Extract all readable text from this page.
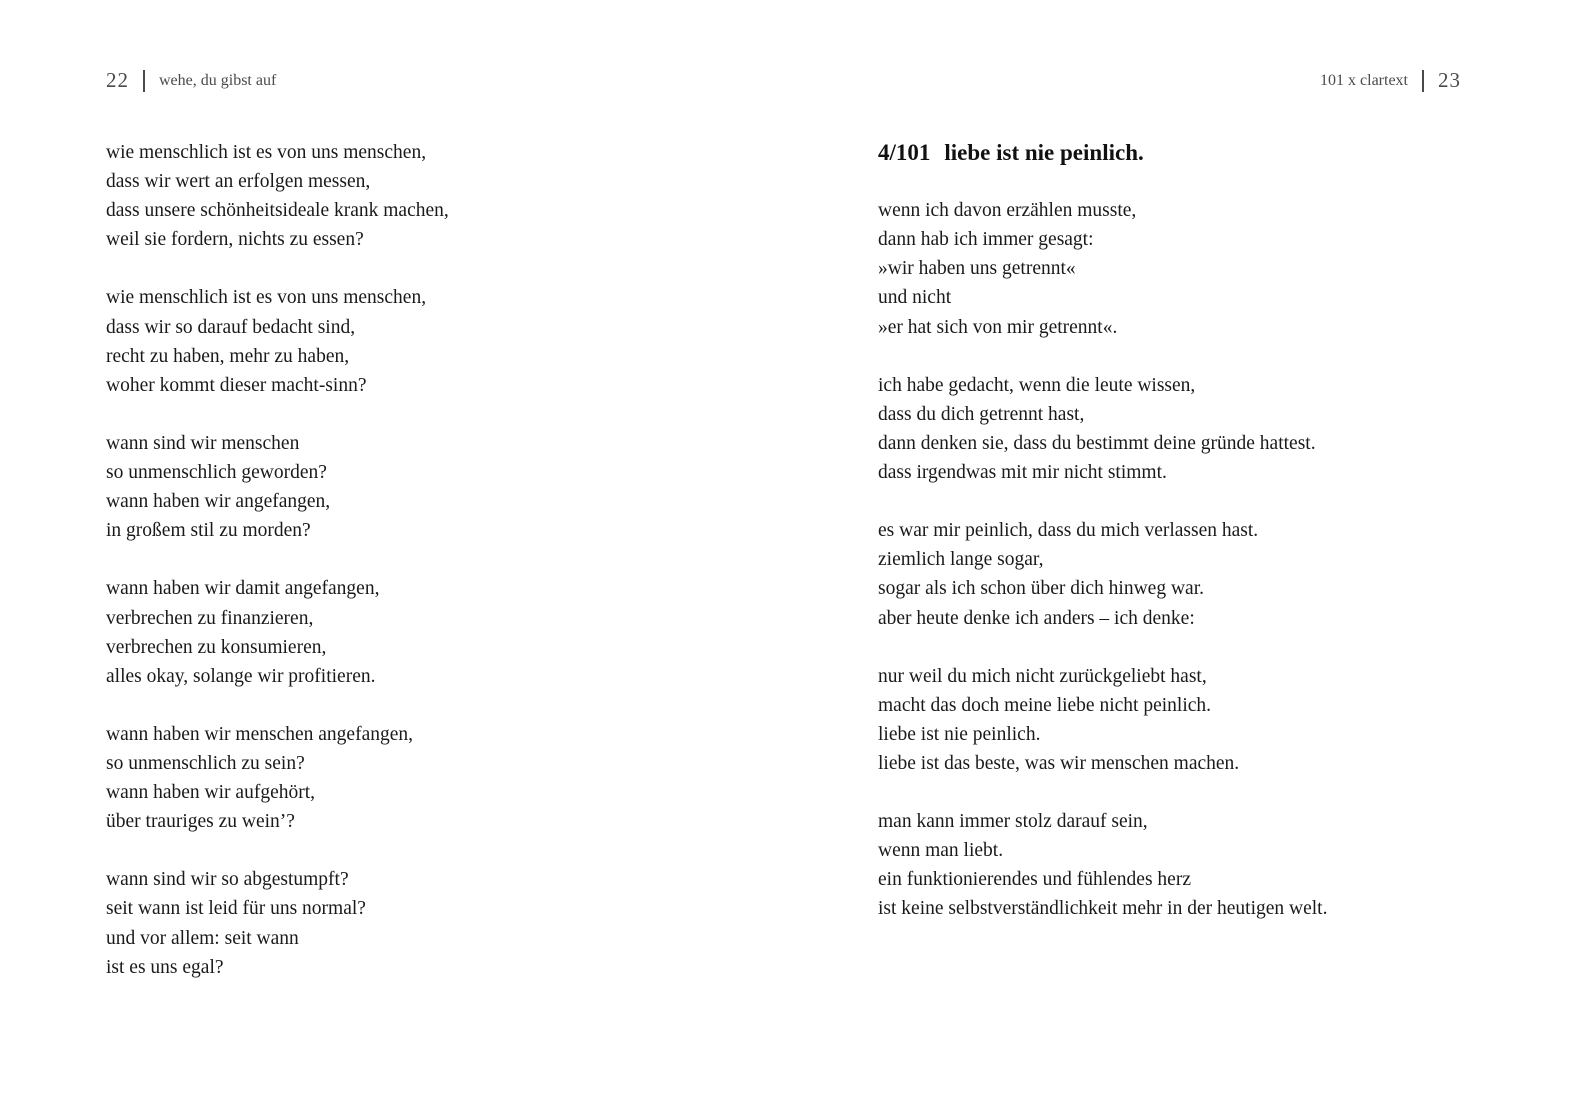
22 wehe, du gibst auf
wie menschlich ist es von uns menschen,
dass wir wert an erfolgen messen,
dass unsere schönheitsideale krank machen,
weil sie fordern, nichts zu essen?
wie menschlich ist es von uns menschen,
dass wir so darauf bedacht sind,
recht zu haben, mehr zu haben,
woher kommt dieser macht-sinn?
wann sind wir menschen
so unmenschlich geworden?
wann haben wir angefangen,
in großem stil zu morden?
wann haben wir damit angefangen,
verbrechen zu finanzieren,
verbrechen zu konsumieren,
alles okay, solange wir profitieren.
wann haben wir menschen angefangen,
so unmenschlich zu sein?
wann haben wir aufgehört,
über trauriges zu wein’?
wann sind wir so abgestumpft?
seit wann ist leid für uns normal?
und vor allem: seit wann
ist es uns egal?
101 x clartext 23
4/101 liebe ist nie peinlich.
wenn ich davon erzählen musste,
dann hab ich immer gesagt:
»wir haben uns getrennt«
und nicht
»er hat sich von mir getrennt«.
ich habe gedacht, wenn die leute wissen,
dass du dich getrennt hast,
dann denken sie, dass du bestimmt deine gründe hattest.
dass irgendwas mit mir nicht stimmt.
es war mir peinlich, dass du mich verlassen hast.
ziemlich lange sogar,
sogar als ich schon über dich hinweg war.
aber heute denke ich anders – ich denke:
nur weil du mich nicht zurückgeliebt hast,
macht das doch meine liebe nicht peinlich.
liebe ist nie peinlich.
liebe ist das beste, was wir menschen machen.
man kann immer stolz darauf sein,
wenn man liebt.
ein funktionierendes und fühlendes herz
ist keine selbstverständlichkeit mehr in der heutigen welt.
